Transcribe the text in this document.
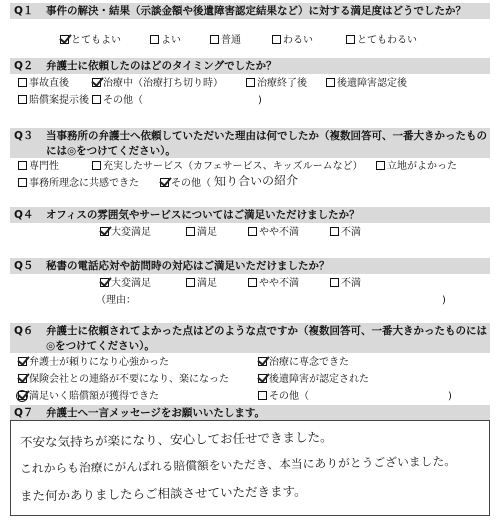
Q１ 事件の解決・結果（示談金額や後遺障害認定結果など）に対する満足度はどうでしたか？
とてもよい	よい	普通	わるい	とてもわるい
Q２ 弁護士に依頼したのはどのタイミングでしたか？
事故直後	治療中（治療打ち切り時）	治療終了後	後遺障害認定後
賠償案提示後	その他（	)
Q３ 当事務所の弁護士へ依頼していただいた理由は何でしたか（複数回答可、一番大きかったもの
には◎をつけてください）。
専門性	充実したサービス（カフェサービス、キッズルームなど）	立地がよかった
事務所理念に共感できた	その他（ 知り合いの紹介
Q４ オフィスの雰囲気やサービスについてはご満足いただけましたか？
大変満足	満足	やや不満	不満
Q５ 秘書の電話応対や訪問時の対応はご満足いただけましたか？
大変満足	満足	やや不満	不満
（理由：	)
Q６ 弁護士に依頼されてよかった点はどのような点ですか（複数回答可、一番大きかったものには
◎をつけてください）。
弁護士が頼りになり心強かった	治療に専念できた
保険会社との連絡が不要になり、楽になった	後遺障害が認定された
満足いく賠償額が獲得できた	その他（	)
Q７ 弁護士へ一言メッセージをお願いいたします。
不安な気持ちが楽になり、安心してお任せできました。
これからも治療にがんばれる賠償額をいただき、本当にありがとうございました。
また何かありましたらご相談させていただきます。
